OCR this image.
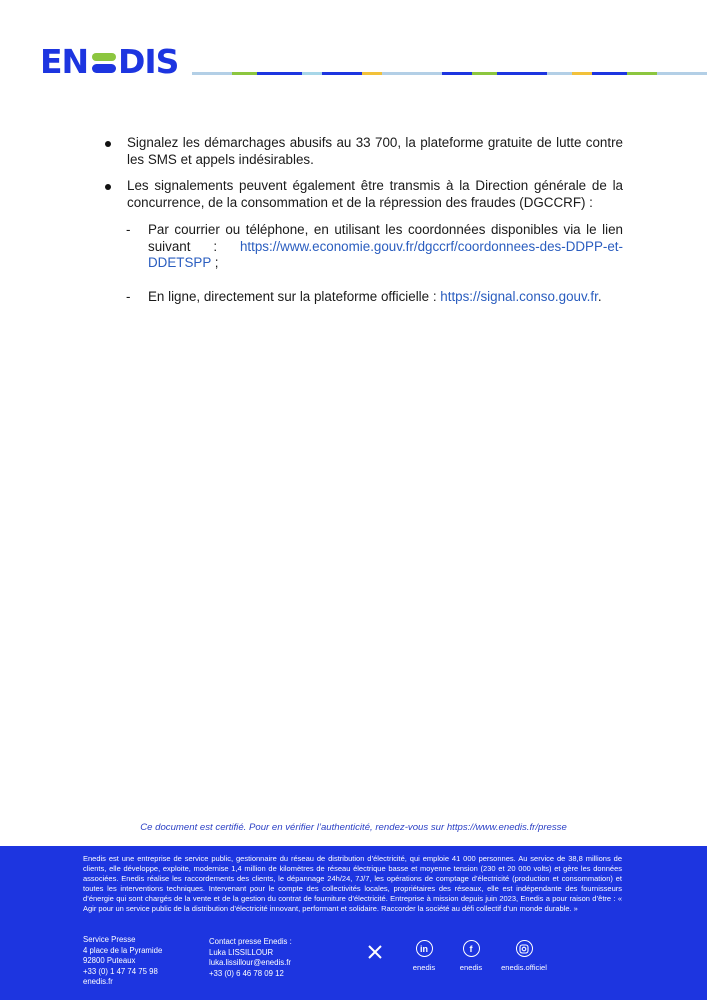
EN DIS
Signalez les démarchages abusifs au 33 700, la plateforme gratuite de lutte contre les SMS et appels indésirables.
Les signalements peuvent également être transmis à la Direction générale de la concurrence, de la consommation et de la répression des fraudes (DGCCRF) :
- Par courrier ou téléphone, en utilisant les coordonnées disponibles via le lien suivant : https://www.economie.gouv.fr/dgccrf/coordonnees-des-DDPP-et-DDETSPP ;
- En ligne, directement sur la plateforme officielle : https://signal.conso.gouv.fr.
Ce document est certifié. Pour en vérifier l’authenticité, rendez-vous sur https://www.enedis.fr/presse
Enedis est une entreprise de service public, gestionnaire du réseau de distribution d’électricité, qui emploie 41 000 personnes. Au service de 38,8 millions de clients, elle développe, exploite, modernise 1,4 million de kilomètres de réseau électrique basse et moyenne tension (230 et 20 000 volts) et gère les données associées. Enedis réalise les raccordements des clients, le dépannage 24h/24, 7J/7, les opérations de comptage d’électricité (production et consommation) et toutes les interventions techniques. Intervenant pour le compte des collectivités locales, propriétaires des réseaux, elle est indépendante des fournisseurs d’énergie qui sont chargés de la vente et de la gestion du contrat de fourniture d’électricité. Entreprise à mission depuis juin 2023, Enedis a pour raison d’être : « Agir pour un service public de la distribution d’électricité innovant, performant et solidaire. Raccorder la société au défi collectif d’un monde durable. »
Service Presse
4 place de la Pyramide
92800 Puteaux
+33 (0) 1 47 74 75 98
enedis.fr
Contact presse Enedis :
Luka LISSILLOUR
luka.lissillour@enedis.fr
+33 (0) 6 46 78 09 12
in
enedis
f
enedis	enedis.officiel
